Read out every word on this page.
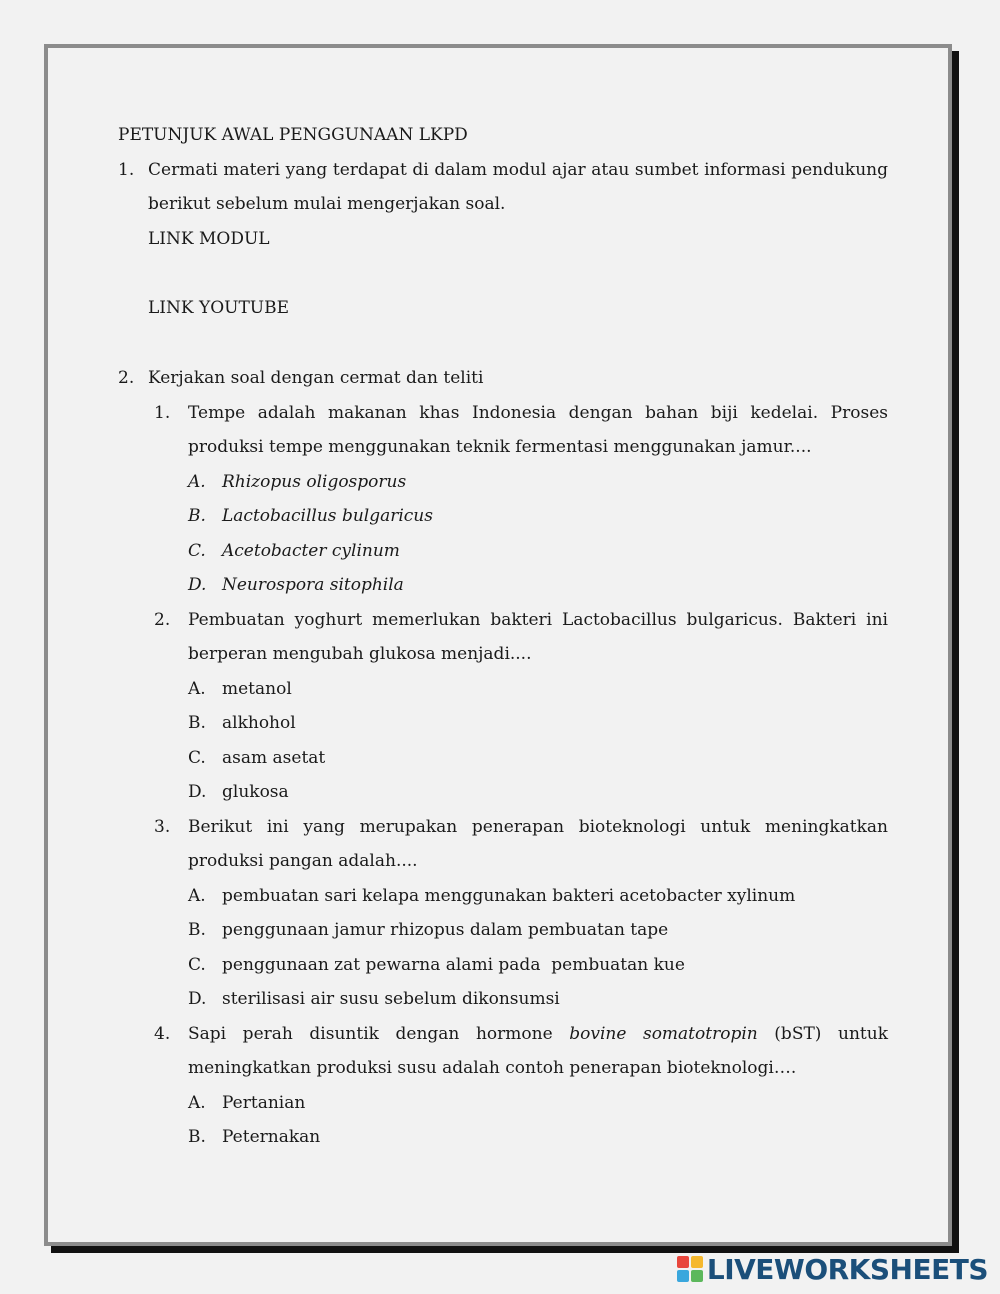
PETUNJUK AWAL PENGGUNAAN LKPD
1. Cermati materi yang terdapat di dalam modul ajar atau sumbet informasi pendukung berikut sebelum mulai mengerjakan soal.
LINK MODUL
LINK YOUTUBE
2. Kerjakan soal dengan cermat dan teliti
1.	Tempe adalah makanan khas Indonesia dengan bahan biji kedelai. Proses produksi tempe menggunakan teknik fermentasi menggunakan jamur....
A. Rhizopus oligosporus
B. Lactobacillus bulgaricus
C. Acetobacter cylinum
D. Neurospora sitophila
2.	Pembuatan yoghurt memerlukan bakteri Lactobacillus bulgaricus. Bakteri ini berperan mengubah glukosa menjadi....
A. metanol
B. alkhohol
C. asam asetat
D. glukosa
3.	Berikut ini yang merupakan penerapan bioteknologi untuk meningkatkan produksi pangan adalah....
A. pembuatan sari kelapa menggunakan bakteri acetobacter xylinum
B. penggunaan jamur rhizopus dalam pembuatan tape
C. penggunaan zat pewarna alami pada  pembuatan kue
D. sterilisasi air susu sebelum dikonsumsi
4.	Sapi perah disuntik dengan hormone bovine somatotropin (bST) untuk meningkatkan produksi susu adalah contoh penerapan bioteknologi….
A. Pertanian
B. Peternakan
LIVEWORKSHEETS
